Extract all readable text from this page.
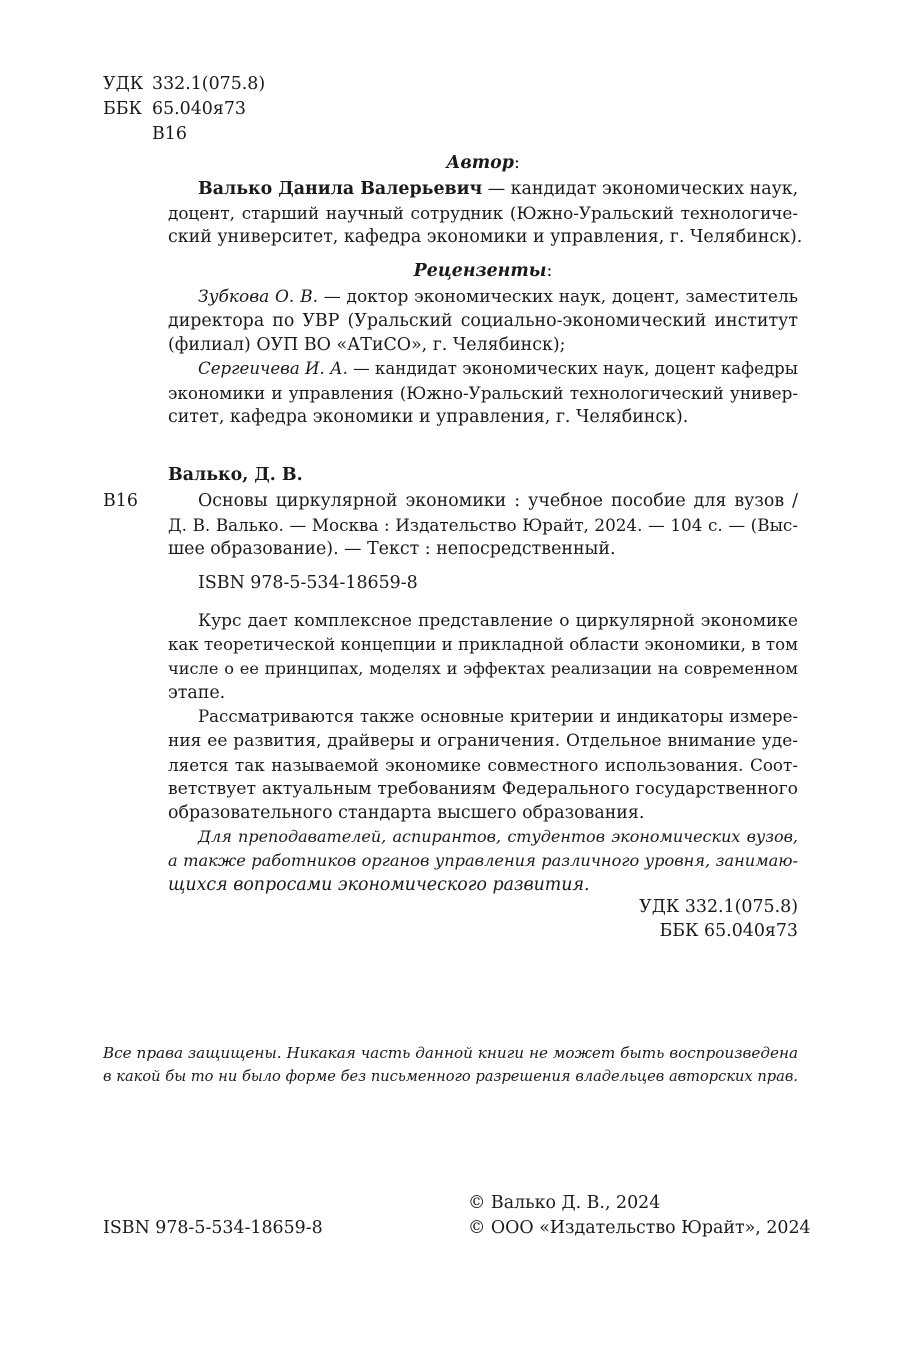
УДК 332.1(075.8)
ББК 65.040я73
В16
Автор:
Валько Данила Валерьевич — кандидат экономических наук,
доцент, старший научный сотрудник (Южно-Уральский технологиче-
ский университет, кафедра экономики и управления, г. Челябинск).
Рецензенты:
Зубкова О. В. — доктор экономических наук, доцент, заместитель
директора по УВР (Уральский социально-экономический институт
(филиал) ОУП ВО «АТиСО», г. Челябинск);
Сергеичева И. А. — кандидат экономических наук, доцент кафедры
экономики и управления (Южно-Уральский технологический универ-
ситет, кафедра экономики и управления, г. Челябинск).
Валько, Д. В.
В16	Основы циркулярной экономики : учебное пособие для вузов /
Д. В. Валько. — Москва : Издательство Юрайт, 2024. — 104 с. — (Выс-
шее образование). — Текст : непосредственный.
ISBN 978-5-534-18659-8
Курс дает комплексное представление о циркулярной экономике
как теоретической концепции и прикладной области экономики, в том
числе о ее принципах, моделях и эффектах реализации на современном
этапе.
Рассматриваются также основные критерии и индикаторы измере-
ния ее развития, драйверы и ограничения. Отдельное внимание уде-
ляется так называемой экономике совместного использования. Соот-
ветствует актуальным требованиям Федерального государственного
образовательного стандарта высшего образования.
Для преподавателей, аспирантов, студентов экономических вузов,
а также работников органов управления различного уровня, занимаю-
щихся вопросами экономического развития.
УДК 332.1(075.8)
ББК 65.040я73
Все права защищены. Никакая часть данной книги не может быть воспроизведена
в какой бы то ни было форме без письменного разрешения владельцев авторских прав.
© Валько Д. В., 2024
ISBN 978-5-534-18659-8	© ООО «Издательство Юрайт», 2024
